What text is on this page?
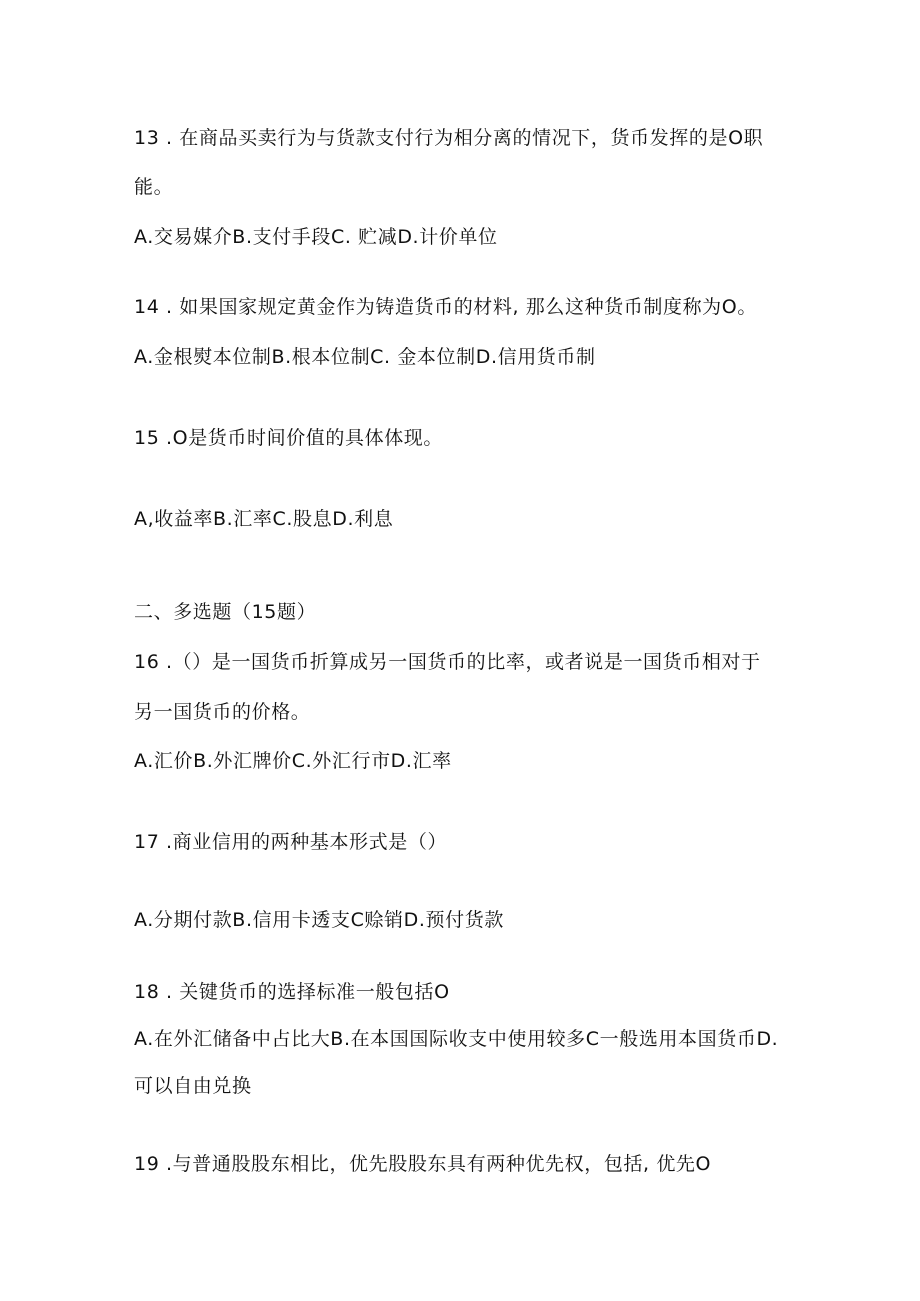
13 . 在商品买卖行为与货款支付行为相分离的情况下，货币发挥的是O职
能。
A.交易媒介B.支付手段C. 贮减D.计价单位
14 . 如果国家规定黄金作为铸造货币的材料, 那么这种货币制度称为O。
A.金根熨本位制B.根本位制C. 金本位制D.信用货币制
15 .O是货币时间价值的具体体现。
A,收益率B.汇率C.股息D.利息
二、多选题（15题）
16 .（）是一国货币折算成另一国货币的比率，或者说是一国货币相对于
另一国货币的价格。
A.汇价B.外汇牌价C.外汇行市D.汇率
17 .商业信用的两种基本形式是（）
A.分期付款B.信用卡透支C赊销D.预付货款
18 . 关键货币的选择标准一般包括O
A.在外汇储备中占比大B.在本国国际收支中使用较多C一般选用本国货币D.
可以自由兑换
19 .与普通股股东相比，优先股股东具有两种优先权，包括, 优先O
